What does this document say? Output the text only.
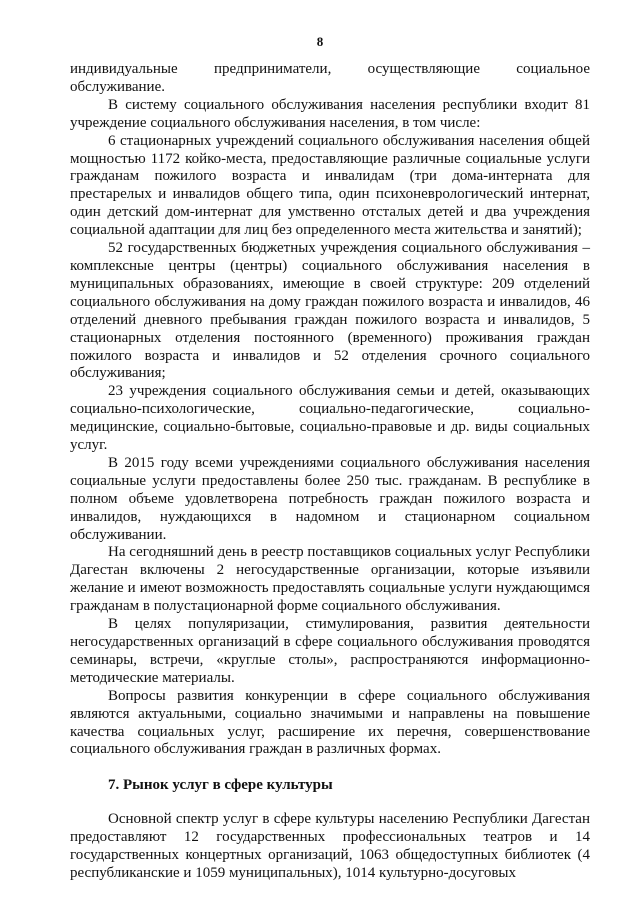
8

индивидуальные предприниматели, осуществляющие социальное обслуживание.

В систему социального обслуживания населения республики входит 81 учреждение социального обслуживания населения, в том числе:

6 стационарных учреждений социального обслуживания населения общей мощностью 1172 койко-места, предоставляющие различные социальные услуги гражданам пожилого возраста и инвалидам (три дома-интерната для престарелых и инвалидов общего типа, один психоневрологический интернат, один детский дом-интернат для умственно отсталых детей и два учреждения социальной адаптации для лиц без определенного места жительства и занятий);

52 государственных бюджетных учреждения социального обслуживания – комплексные центры (центры) социального обслуживания населения в муниципальных образованиях, имеющие в своей структуре: 209 отделений социального обслуживания на дому граждан пожилого возраста и инвалидов, 46 отделений дневного пребывания граждан пожилого возраста и инвалидов, 5 стационарных отделения постоянного (временного) проживания граждан пожилого возраста и инвалидов и 52 отделения срочного социального обслуживания;

23 учреждения социального обслуживания семьи и детей, оказывающих социально-психологические, социально-педагогические, социально-медицинские, социально-бытовые, социально-правовые и др. виды социальных услуг.

В 2015 году всеми учреждениями социального обслуживания населения социальные услуги предоставлены более 250 тыс. гражданам. В республике в полном объеме удовлетворена потребность граждан пожилого возраста и инвалидов, нуждающихся в надомном и стационарном социальном обслуживании.

На сегодняшний день в реестр поставщиков социальных услуг Республики Дагестан включены 2 негосударственные организации, которые изъявили желание и имеют возможность предоставлять социальные услуги нуждающимся гражданам в полустационарной форме социального обслуживания.

В целях популяризации, стимулирования, развития деятельности негосударственных организаций в сфере социального обслуживания проводятся семинары, встречи, «круглые столы», распространяются информационно-методические материалы.

Вопросы развития конкуренции в сфере социального обслуживания являются актуальными, социально значимыми и направлены на повышение качества социальных услуг, расширение их перечня, совершенствование социального обслуживания граждан в различных формах.

7. Рынок услуг в сфере культуры

Основной спектр услуг в сфере культуры населению Республики Дагестан предоставляют 12 государственных профессиональных театров и 14 государственных концертных организаций, 1063 общедоступных библиотек (4 республиканские и 1059 муниципальных), 1014 культурно-досуговых
